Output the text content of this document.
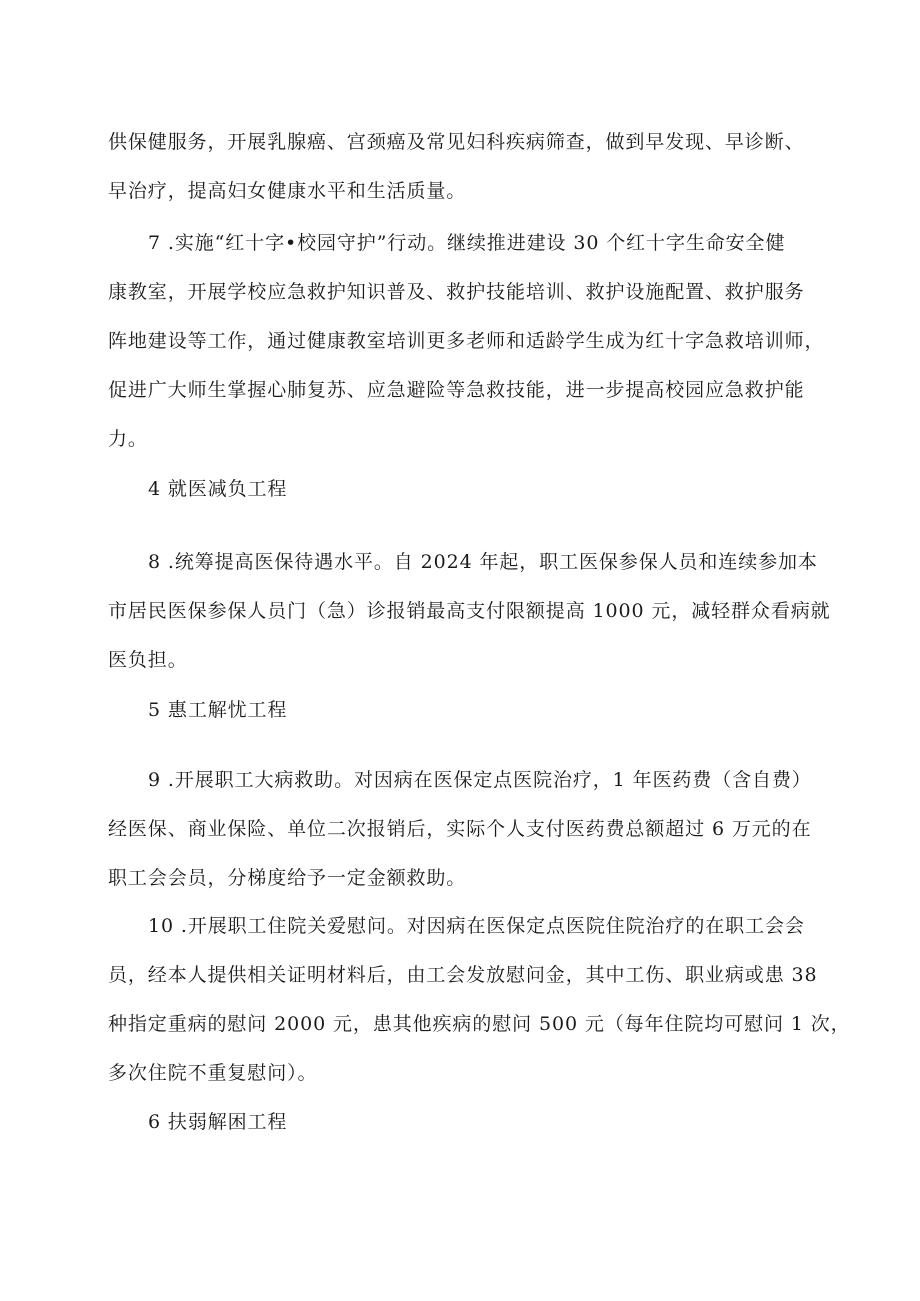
供保健服务，开展乳腺癌、宫颈癌及常见妇科疾病筛查，做到早发现、早诊断、
早治疗，提高妇女健康水平和生活质量。
7 .实施“红十字•校园守护”行动。继续推进建设 30 个红十字生命安全健
康教室，开展学校应急救护知识普及、救护技能培训、救护设施配置、救护服务
阵地建设等工作，通过健康教室培训更多老师和适龄学生成为红十字急救培训师，
促进广大师生掌握心肺复苏、应急避险等急救技能，进一步提高校园应急救护能
力。
4 就医减负工程
8 .统筹提高医保待遇水平。自 2024 年起，职工医保参保人员和连续参加本
市居民医保参保人员门（急）诊报销最高支付限额提高 1000 元，减轻群众看病就
医负担。
5 惠工解忧工程
9 .开展职工大病救助。对因病在医保定点医院治疗，1 年医药费（含自费）
经医保、商业保险、单位二次报销后，实际个人支付医药费总额超过 6 万元的在
职工会会员，分梯度给予一定金额救助。
10 .开展职工住院关爱慰问。对因病在医保定点医院住院治疗的在职工会会
员，经本人提供相关证明材料后，由工会发放慰问金，其中工伤、职业病或患 38
种指定重病的慰问 2000 元，患其他疾病的慰问 500 元（每年住院均可慰问 1 次，
多次住院不重复慰问）。
6 扶弱解困工程
